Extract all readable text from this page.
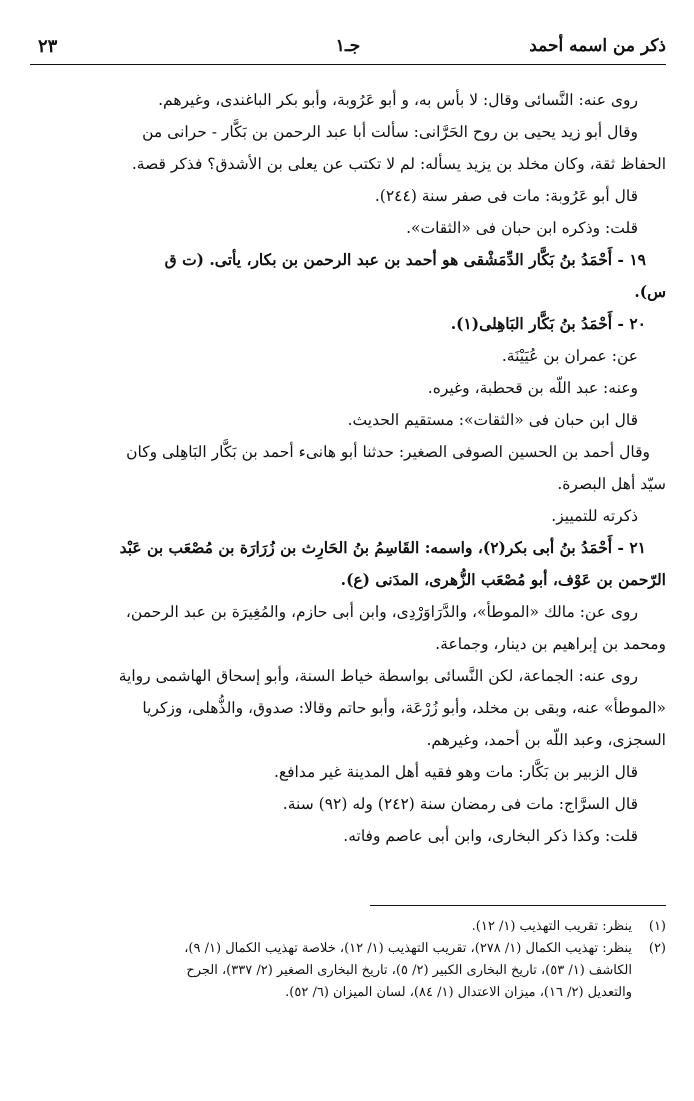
ذكر من اسمه أحمد
جـ١
٢٣

روى عنه: النَّسائى وقال: لا بأس به، و أبو عَرُوبة، وأبو بكر الباغندى، وغيرهم.

وقال أبو زيد يحيى بن روح الحَرَّانى: سألت أبا عبد الرحمن بن بَكَّار - حرانى من

الحفاظ ثقة، وكان مخلد بن يزيد يسأله: لم لا تكتب عن يعلى بن الأشدق؟ فذكر قصة.

قال أبو عَرُوبة: مات فى صفر سنة (٢٤٤).

قلت: وذكره ابن حبان فى «الثقات».

١٩ - أَحْمَدُ بنُ بَكَّار الدِّمَشْقى هو أحمد بن عبد الرحمن بن بكار، يأتى. (ت ق

س).

٢٠ - أَحْمَدُ بنُ بَكَّار البَاهِلى(١).

عن: عمران بن عُيَيْنَة.

وعنه: عبد اللّه بن قحطبة، وغيره.

قال ابن حبان فى «الثقات»: مستقيم الحديث.

وقال أحمد بن الحسين الصوفى الصغير: حدثنا أبو هانىء أحمد بن بَكَّار البَاهِلى وكان

سيّد أهل البصرة.

ذكرته للتمييز.

٢١ - أَحْمَدُ بنُ أبى بكر(٢)، واسمه: القَاسِمُ بنُ الحَارِث بن زُرَارَة بن مُصْعَب بن عَبْد

الرّحمن بن عَوْف، أبو مُصْعَب الزُّهرى، المدَنى (ع).

روى عن: مالك «الموطأ»، والدَّرَاوَرْدِى، وابن أبى حازم، والمُغِيرَة بن عبد الرحمن،

ومحمد بن إبراهيم بن دينار، وجماعة.

روى عنه: الجماعة، لكن النَّسائى بواسطة خياط السنة، وأبو إسحاق الهاشمى رواية

«الموطأ» عنه، وبقى بن مخلد، وأبو زُرْعَة، وأبو حاتم وقالا: صدوق، والذُّهلى، وزكريا

السجزى، وعبد اللّه بن أحمد، وغيرهم.

قال الزبير بن بَكَّار: مات وهو فقيه أهل المدينة غير مدافع.

قال السرَّاج: مات فى رمضان سنة (٢٤٢) وله (٩٢) سنة.

قلت: وكذا ذكر البخارى، وابن أبى عاصم وفاته.

(١)ينظر: تقريب التهذيب (١/ ١٢).

(٢)ينظر: تهذيب الكمال (١/ ٢٧٨)، تقريب التهذيب (١/ ١٢)، خلاصة تهذيب الكمال (١/ ٩)،

الكاشف (١/ ٥٣)، تاريخ البخارى الكبير (٢/ ٥)، تاريخ البخارى الصغير (٢/ ٣٣٧)، الجرح

والتعديل (٢/ ١٦)، ميزان الاعتدال (١/ ٨٤)، لسان الميزان (٦/ ٥٢).
